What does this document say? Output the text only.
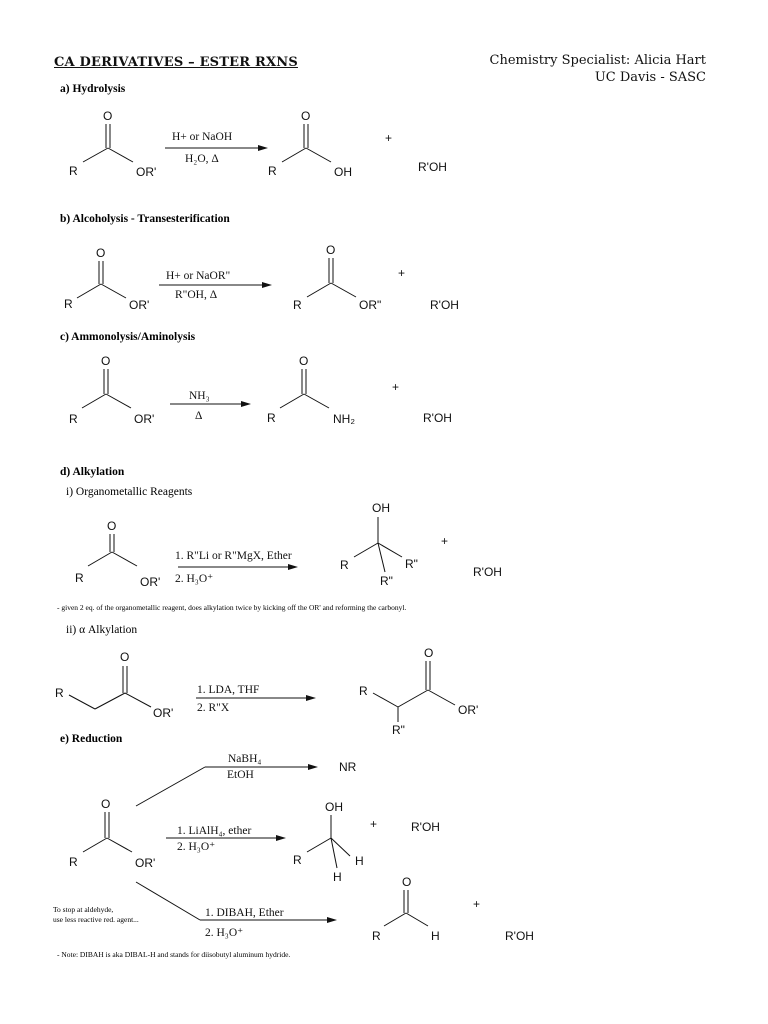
CA DERIVATIVES – ESTER RXNS	Chemistry Specialist: Alicia Hart
UC Davis - SASC
a) Hydrolysis
b) Alcoholysis - Transesterification
c) Ammonolysis/Aminolysis
d) Alkylation
i) Organometallic Reagents
- given 2 eq. of the organometallic reagent, does alkylation twice by kicking off the OR' and reforming the carbonyl.
ii) α Alkylation
e) Reduction
To stop at aldehyde,
use less reactive red. agent...
- Note: DIBAH is aka DIBAL-H and stands for diisobutyl aluminum hydride.
O
R	OR'
H+ or NaOH
H₂O, Δ
O
R	OH
+
R'OH
O
R	OR'
H+ or NaOR"
R"OH, Δ
O
R	OR"
+
R'OH
O
R	OR'
NH₃
Δ
O
R	NH₂
+
R'OH
O
R	OR'
1. R"Li or R"MgX, Ether
2. H₃O⁺
OH
R	R"
R"
+
R'OH
O
R
OR'
1. LDA, THF
2. R"X
O
R
OR'
R"
O
R	OR'
NaBH₄
EtOH
NR
1. LiAlH₄, ether
2. H₃O⁺
OH
R	H
H
+	R'OH
1. DIBAH, Ether
2. H₃O⁺
O
R	H
+
R'OH
